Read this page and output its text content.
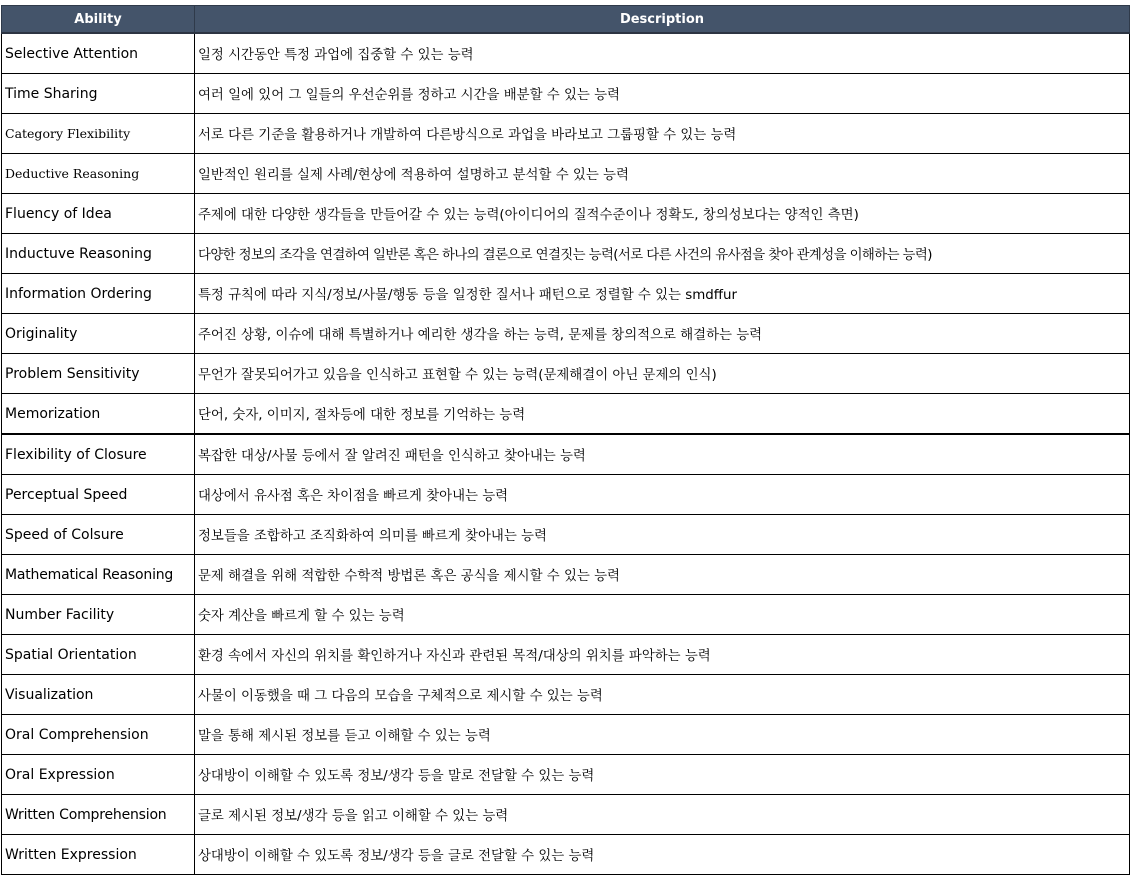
Ability	Description
Selective Attention	일정 시간동안 특정 과업에 집중할 수 있는 능력
Time Sharing	여러 일에 있어 그 일들의 우선순위를 정하고 시간을 배분할 수 있는 능력
Category Flexibility	서로 다른 기준을 활용하거나 개발하여 다른방식으로 과업을 바라보고 그룹핑할 수 있는 능력
Deductive Reasoning	일반적인 원리를 실제 사례/현상에 적용하여 설명하고 분석할 수 있는 능력
Fluency of Idea	주제에 대한 다양한 생각들을 만들어갈 수 있는 능력(아이디어의 질적수준이나 정확도, 창의성보다는 양적인 측면)
Inductuve Reasoning	다양한 정보의 조각을 연결하여 일반론 혹은 하나의 결론으로 연결짓는 능력(서로 다른 사건의 유사점을 찾아 관계성을 이해하는 능력)
Information Ordering	특정 규칙에 따라 지식/정보/사물/행동 등을 일정한 질서나 패턴으로 정렬할 수 있는 smdffur
Originality	주어진 상황, 이슈에 대해 특별하거나 예리한 생각을 하는 능력, 문제를 창의적으로 해결하는 능력
Problem Sensitivity	무언가 잘못되어가고 있음을 인식하고 표현할 수 있는 능력(문제해결이 아닌 문제의 인식)
Memorization	단어, 숫자, 이미지, 절차등에 대한 정보를 기억하는 능력
Flexibility of Closure	복잡한 대상/사물 등에서 잘 알려진 패턴을 인식하고 찾아내는 능력
Perceptual Speed	대상에서 유사점 혹은 차이점을 빠르게 찾아내는 능력
Speed of Colsure	정보들을 조합하고 조직화하여 의미를 빠르게 찾아내는 능력
Mathematical Reasoning	문제 해결을 위해 적합한 수학적 방법론 혹은 공식을 제시할 수 있는 능력
Number Facility	숫자 계산을 빠르게 할 수 있는 능력
Spatial Orientation	환경 속에서 자신의 위치를 확인하거나 자신과 관련된 목적/대상의 위치를 파악하는 능력
Visualization	사물이 이동했을 때 그 다음의 모습을 구체적으로 제시할 수 있는 능력
Oral Comprehension	말을 통해 제시된 정보를 듣고 이해할 수 있는 능력
Oral Expression	상대방이 이해할 수 있도록 정보/생각 등을 말로 전달할 수 있는 능력
Written Comprehension	글로 제시된 정보/생각 등을 읽고 이해할 수 있는 능력
Written Expression	상대방이 이해할 수 있도록 정보/생각 등을 글로 전달할 수 있는 능력
